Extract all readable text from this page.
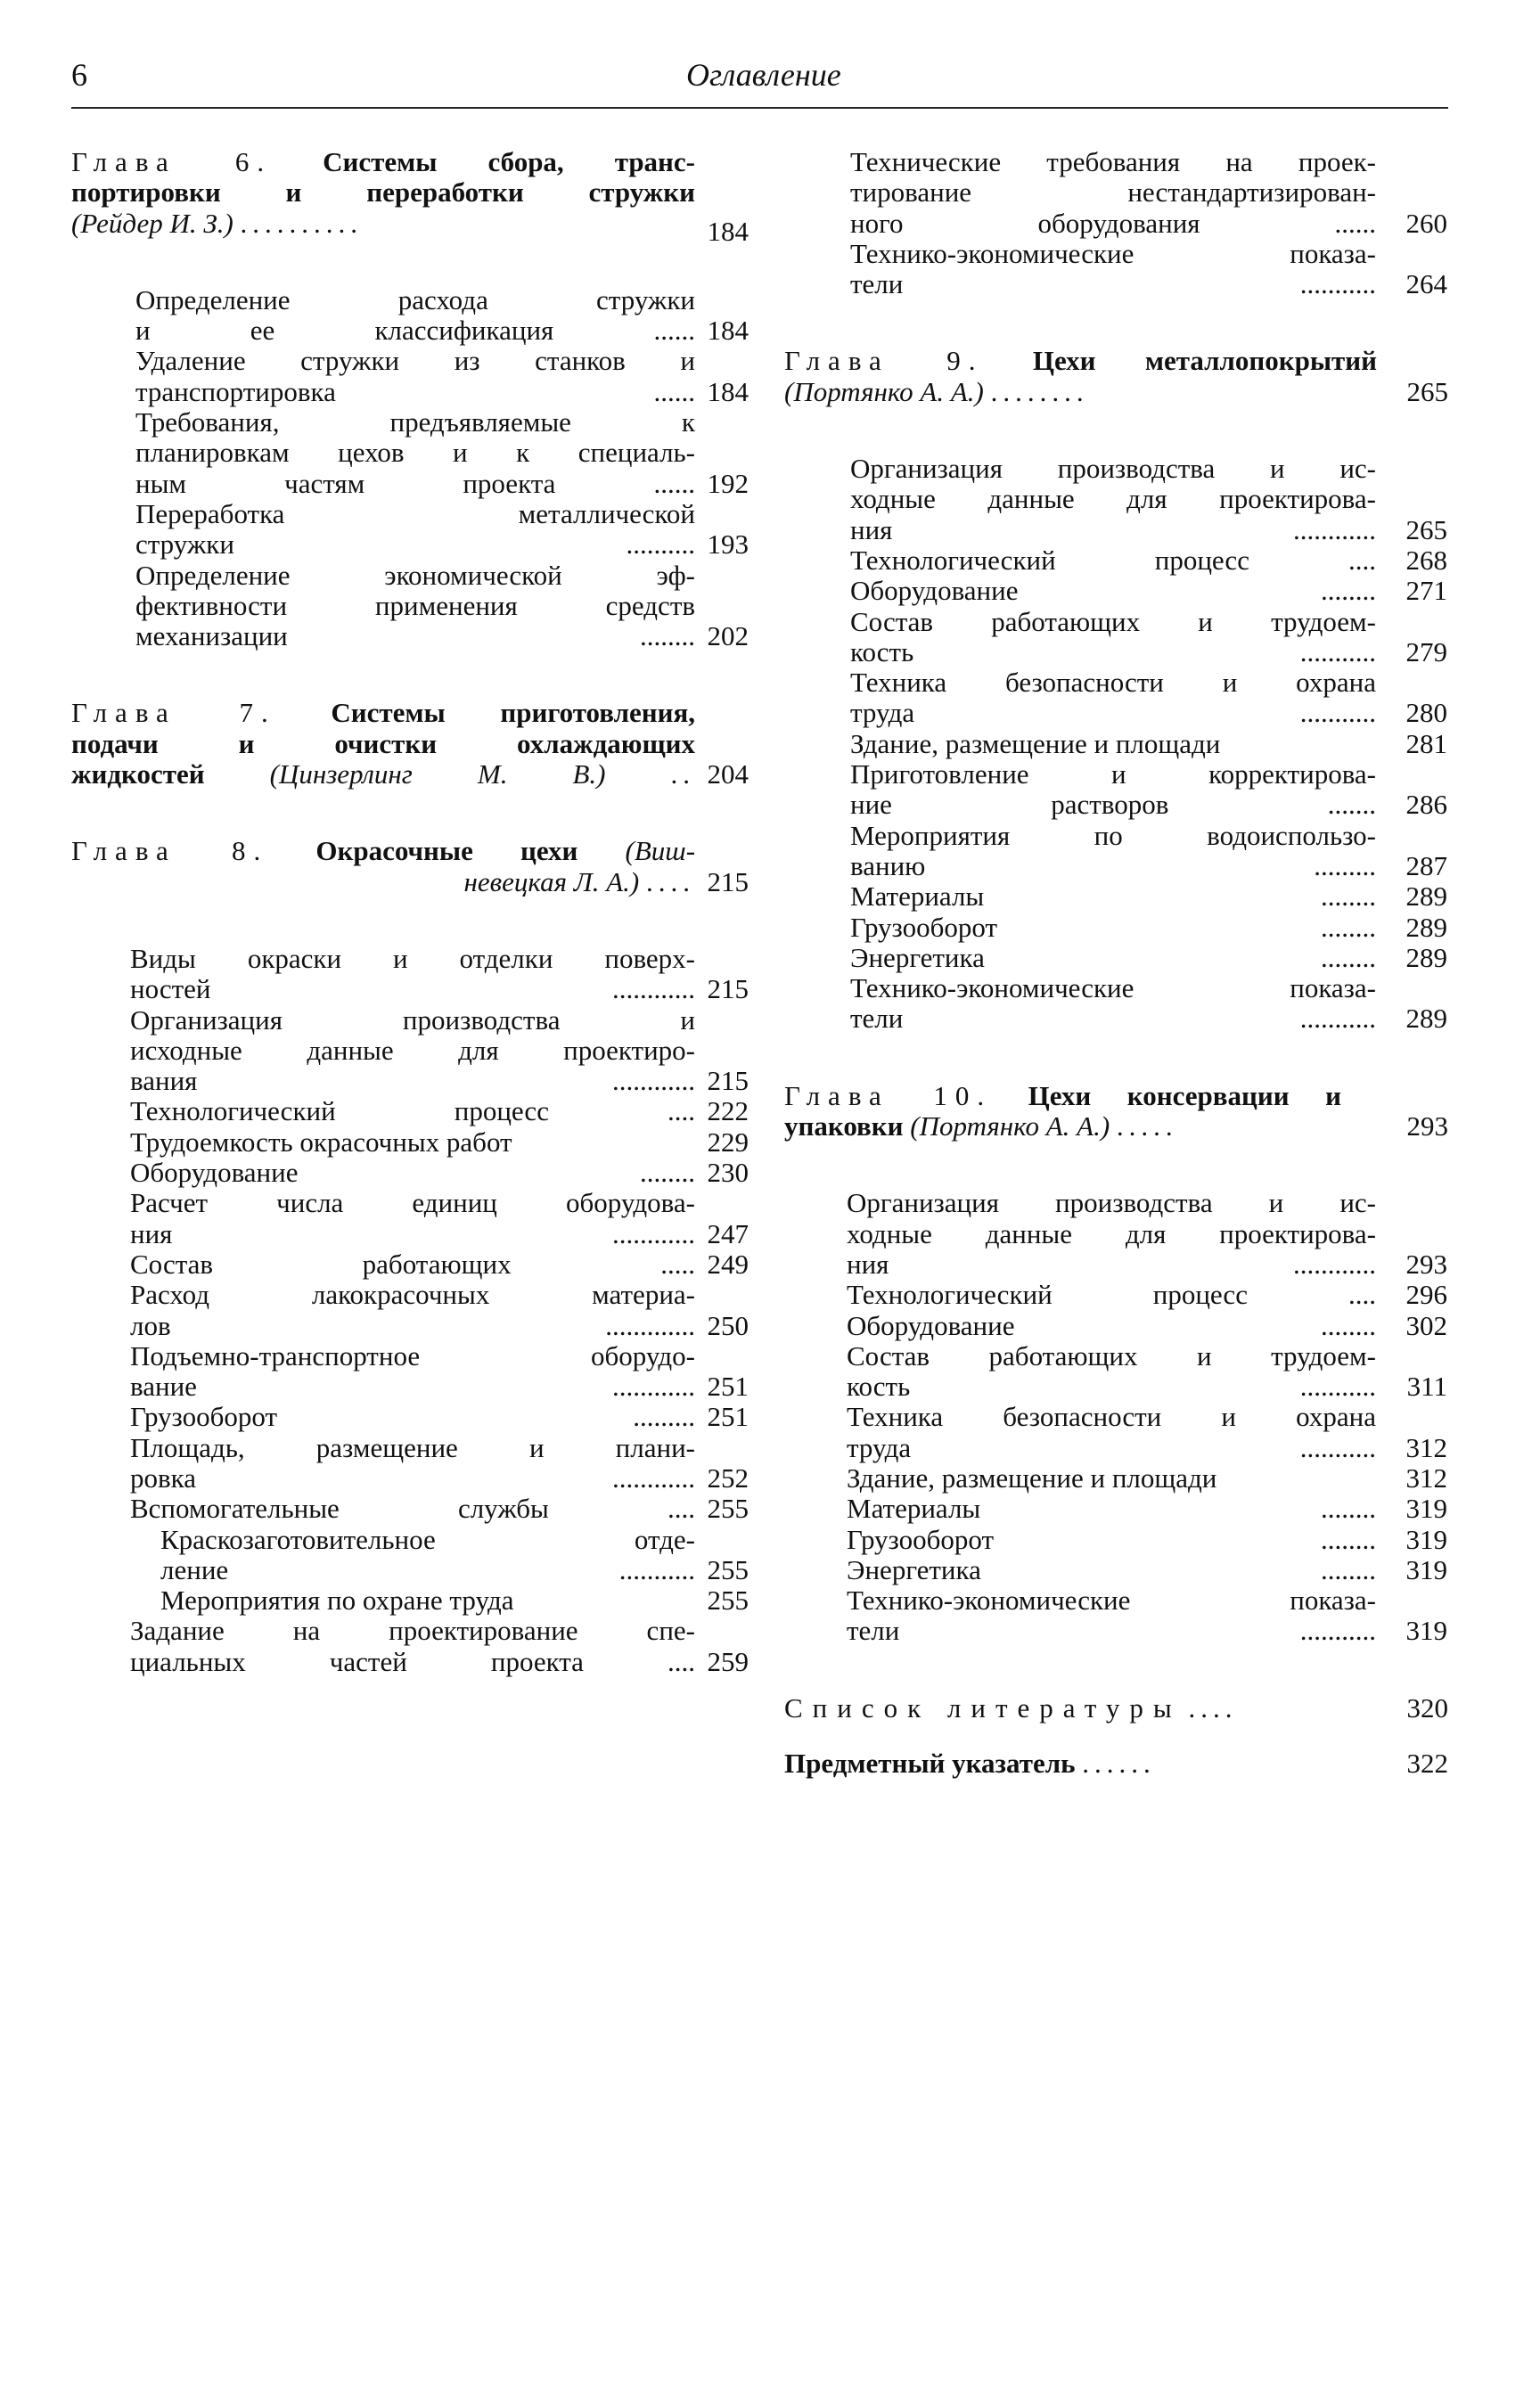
6	Оглавление
Глава 6. Системы сбора, транс-
портировки и переработки стружки
(Рейдер И. З.) ..........	184
Определение расхода стружки
и ее классификация ...... 184
Удаление стружки из станков и
транспортировка ...... 184
Требования, предъявляемые к
планировкам цехов и к специаль-
ным частям проекта ...... 192
Переработка металлической
стружки .......... 193
Определение экономической эф-
фективности применения средств
механизации ........ 202
Глава 7. Системы приготовления,
подачи и очистки охлаждающих
жидкостей (Цинзерлинг М. В.) .. 204
Глава 8. Окрасочные цехи (Виш-
невецкая Л. А.) .... 215
Виды окраски и отделки поверх-
ностей ............ 215
Организация производства и
исходные данные для проектиро-
вания ............ 215
Технологический процесс .... 222
Трудоемкость окрасочных работ	229
Оборудование ........ 230
Расчет числа единиц оборудова-
ния ............ 247
Состав работающих ..... 249
Расход лакокрасочных материа-
лов ............. 250
Подъемно-транспортное оборудо-
вание ............ 251
Грузооборот ......... 251
Площадь, размещение и плани-
ровка ............ 252
Вспомогательные службы .... 255
Краскозаготовительное отде-
ление ........... 255
Мероприятия по охране труда	255
Задание на проектирование спе-
циальных частей проекта .... 259
Технические требования на проек-
тирование нестандартизирован-
ного оборудования ...... 260
Технико-экономические показа-
тели ........... 264
Глава 9. Цехи металлопокрытий
(Портянко А. А.) ........	265
Организация производства и ис-
ходные данные для проектирова-
ния ............ 265
Технологический процесс .... 268
Оборудование ........ 271
Состав работающих и трудоем-
кость ........... 279
Техника безопасности и охрана
труда ........... 280
Здание, размещение и площади	281
Приготовление и корректирова-
ние растворов ....... 286
Мероприятия по водоиспользо-
ванию ......... 287
Материалы ........ 289
Грузооборот ........ 289
Энергетика ........ 289
Технико-экономические показа-
тели ........... 289
Глава 10. Цехи консервации и
упаковки (Портянко А. А.) .....	293
Организация производства и ис-
ходные данные для проектирова-
ния ............ 293
Технологический процесс .... 296
Оборудование ........ 302
Состав работающих и трудоем-
кость ........... 311
Техника безопасности и охрана
труда ........... 312
Здание, размещение и площади	312
Материалы ........ 319
Грузооборот ........ 319
Энергетика ........ 319
Технико-экономические показа-
тели ........... 319
Список литературы ....	320
Предметный указатель ......	322
